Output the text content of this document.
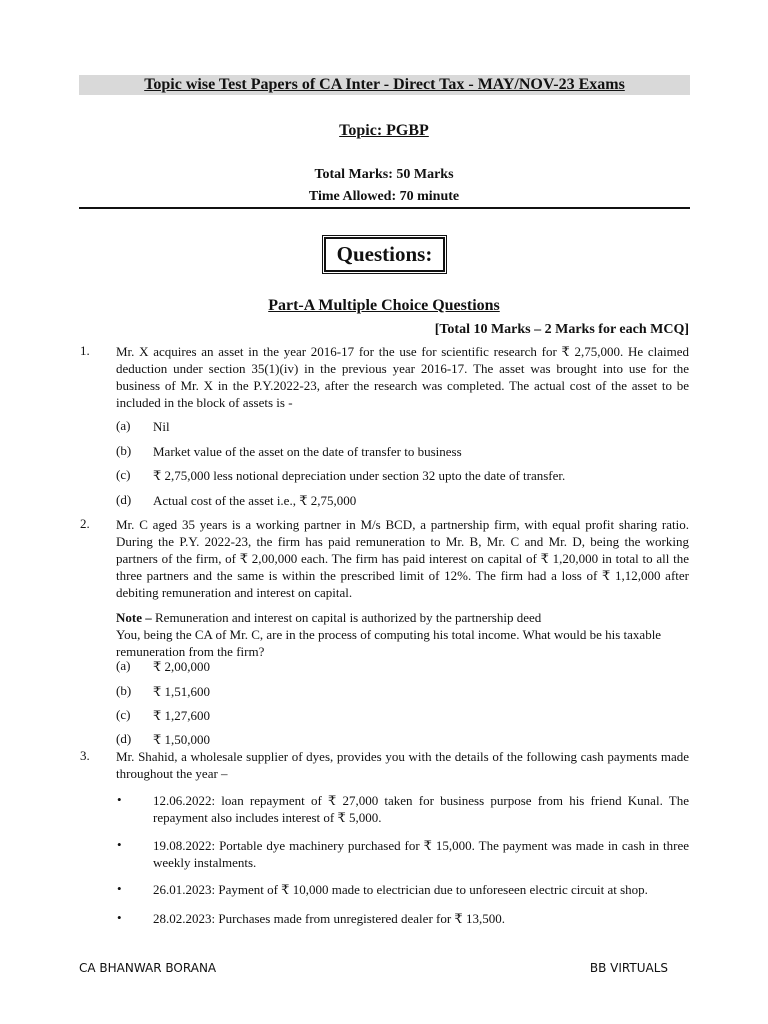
Topic wise Test Papers of CA Inter - Direct Tax - MAY/NOV-23 Exams
Topic: PGBP
Total Marks: 50 Marks
Time Allowed: 70 minute
Questions:
Part-A Multiple Choice Questions
[Total 10 Marks – 2 Marks for each MCQ]
1. Mr. X acquires an asset in the year 2016-17 for the use for scientific research for ₹ 2,75,000. He claimed deduction under section 35(1)(iv) in the previous year 2016-17. The asset was brought into use for the business of Mr. X in the P.Y.2022-23, after the research was completed. The actual cost of the asset to be included in the block of assets is -
(a) Nil
(b) Market value of the asset on the date of transfer to business
(c) ₹ 2,75,000 less notional depreciation under section 32 upto the date of transfer.
(d) Actual cost of the asset i.e., ₹ 2,75,000
2. Mr. C aged 35 years is a working partner in M/s BCD, a partnership firm, with equal profit sharing ratio. During the P.Y. 2022-23, the firm has paid remuneration to Mr. B, Mr. C and Mr. D, being the working partners of the firm, of ₹ 2,00,000 each. The firm has paid interest on capital of ₹ 1,20,000 in total to all the three partners and the same is within the prescribed limit of 12%. The firm had a loss of ₹ 1,12,000 after debiting remuneration and interest on capital.
Note – Remuneration and interest on capital is authorized by the partnership deed
You, being the CA of Mr. C, are in the process of computing his total income. What would be his taxable remuneration from the firm?
(a) ₹ 2,00,000
(b) ₹ 1,51,600
(c) ₹ 1,27,600
(d) ₹ 1,50,000
3. Mr. Shahid, a wholesale supplier of dyes, provides you with the details of the following cash payments made throughout the year –
• 12.06.2022: loan repayment of ₹ 27,000 taken for business purpose from his friend Kunal. The repayment also includes interest of ₹ 5,000.
• 19.08.2022: Portable dye machinery purchased for ₹ 15,000. The payment was made in cash in three weekly instalments.
• 26.01.2023: Payment of ₹ 10,000 made to electrician due to unforeseen electric circuit at shop.
• 28.02.2023: Purchases made from unregistered dealer for ₹ 13,500.
CA BHANWAR BORANA	BB VIRTUALS
